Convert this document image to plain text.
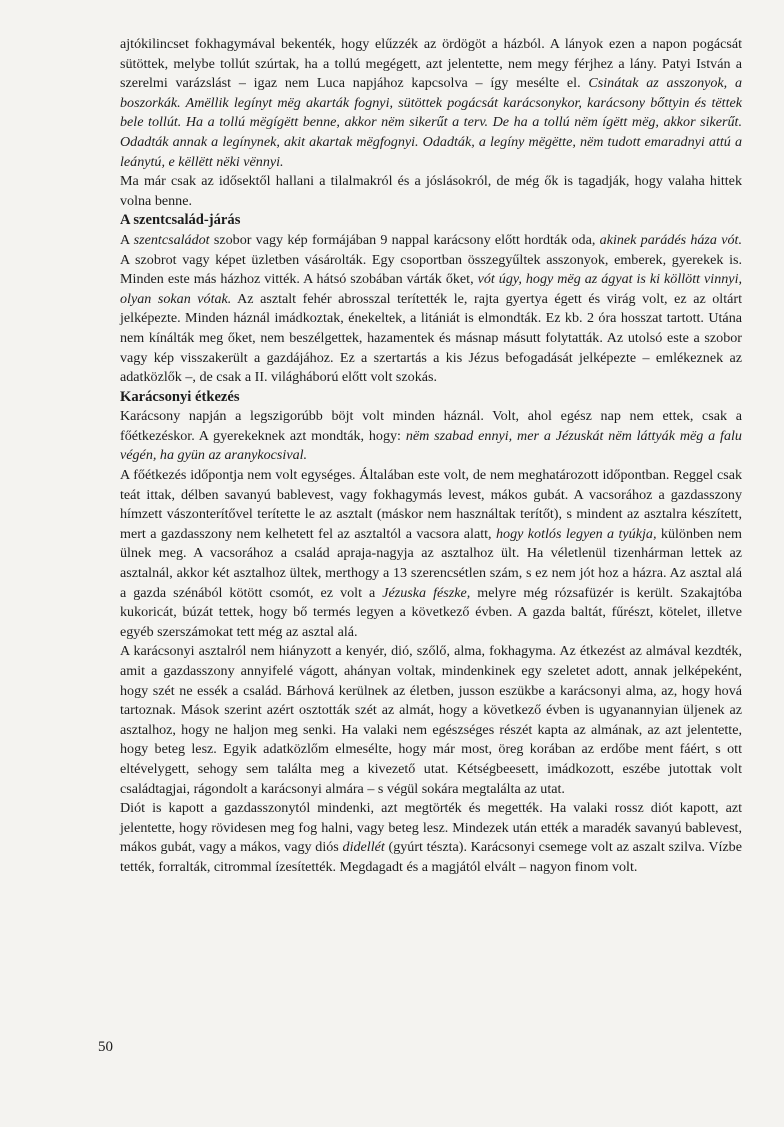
ajtókilincset fokhagymával bekenték, hogy elűzzék az ördögöt a házból. A lányok ezen a napon pogácsát sütöttek, melybe tollút szúrtak, ha a tollú megégett, azt jelentette, nem megy férjhez a lány. Patyi István a szerelmi varázslást – igaz nem Luca napjához kapcsolva – így mesélte el. Csinátak az asszonyok, a boszorkák. Amëllik legínyt mëg akarták fognyi, sütöttek pogácsát karácsonykor, karácsony bőttyin és tëttek bele tollút. Ha a tollú mëgígëtt benne, akkor nëm sikerűt a terv. De ha a tollú nëm ígëtt mëg, akkor sikerűt. Odadták annak a legínynek, akit akartak mëgfognyi. Odadták, a legíny mëgëtte, nëm tudott emaradnyi attú a leánytú, e këllëtt nëki vënnyi.

Ma már csak az idősektől hallani a tilalmakról és a jóslásokról, de még ők is tagadják, hogy valaha hittek volna benne.

A szentcsalád-járás

A szentcsaládot szobor vagy kép formájában 9 nappal karácsony előtt hordták oda, akinek parádés háza vót. A szobrot vagy képet üzletben vásárolták. Egy csoportban összegyűltek asszonyok, emberek, gyerekek is. Minden este más házhoz vitték. A hátsó szobában várták őket, vót úgy, hogy mëg az ágyat is ki köllött vinnyi, olyan sokan vótak. Az asztalt fehér abrosszal terítették le, rajta gyertya égett és virág volt, ez az oltárt jelképezte. Minden háznál imádkoztak, énekeltek, a litániát is elmondták. Ez kb. 2 óra hosszat tartott. Utána nem kínálták meg őket, nem beszélgettek, hazamentek és másnap másutt folytatták. Az utolsó este a szobor vagy kép visszakerült a gazdájához. Ez a szertartás a kis Jézus befogadását jelképezte – emlékeznek az adatközlők –, de csak a II. világháború előtt volt szokás.

Karácsonyi étkezés

Karácsony napján a legszigorúbb böjt volt minden háznál. Volt, ahol egész nap nem ettek, csak a főétkezéskor. A gyerekeknek azt mondták, hogy: nëm szabad ennyi, mer a Jézuskát nëm láttyák mëg a falu végén, ha gyün az aranykocsival.

A főétkezés időpontja nem volt egységes. Általában este volt, de nem meghatározott időpontban. Reggel csak teát ittak, délben savanyú bablevest, vagy fokhagymás levest, mákos gubát. A vacsorához a gazdasszony hímzett vászonterítővel terítette le az asztalt (máskor nem használtak terítőt), s mindent az asztalra készített, mert a gazdasszony nem kelhetett fel az asztaltól a vacsora alatt, hogy kotlós legyen a tyúkja, különben nem ülnek meg. A vacsorához a család apraja-nagyja az asztalhoz ült. Ha véletlenül tizenhárman lettek az asztalnál, akkor két asztalhoz ültek, merthogy a 13 szerencsétlen szám, s ez nem jót hoz a házra. Az asztal alá a gazda szénából kötött csomót, ez volt a Jézuska fészke, melyre még rózsafüzér is került. Szakajtóba kukoricát, búzát tettek, hogy bő termés legyen a következő évben. A gazda baltát, fűrészt, kötelet, illetve egyéb szerszámokat tett még az asztal alá.

A karácsonyi asztalról nem hiányzott a kenyér, dió, szőlő, alma, fokhagyma. Az étkezést az almával kezdték, amit a gazdasszony annyifelé vágott, ahányan voltak, mindenkinek egy szeletet adott, annak jelképeként, hogy szét ne essék a család. Bárhová kerülnek az életben, jusson eszükbe a karácsonyi alma, az, hogy hová tartoznak. Mások szerint azért osztották szét az almát, hogy a következő évben is ugyanannyian üljenek az asztalhoz, hogy ne haljon meg senki. Ha valaki nem egészséges részét kapta az almának, az azt jelentette, hogy beteg lesz. Egyik adatközlőm elmesélte, hogy már most, öreg korában az erdőbe ment fáért, s ott eltévelygett, sehogy sem találta meg a kivezető utat. Kétségbeesett, imádkozott, eszébe jutottak volt családtagjai, rágondolt a karácsonyi almára – s végül sokára megtalálta az utat.

Diót is kapott a gazdasszonytól mindenki, azt megtörték és megették. Ha valaki rossz diót kapott, azt jelentette, hogy rövidesen meg fog halni, vagy beteg lesz. Mindezek után ették a maradék savanyú bablevest, mákos gubát, vagy a mákos, vagy diós didellét (gyúrt tészta). Karácsonyi csemege volt az aszalt szilva. Vízbe tették, forralták, citrommal ízesítették. Megdagadt és a magjától elvált – nagyon finom volt.

50
